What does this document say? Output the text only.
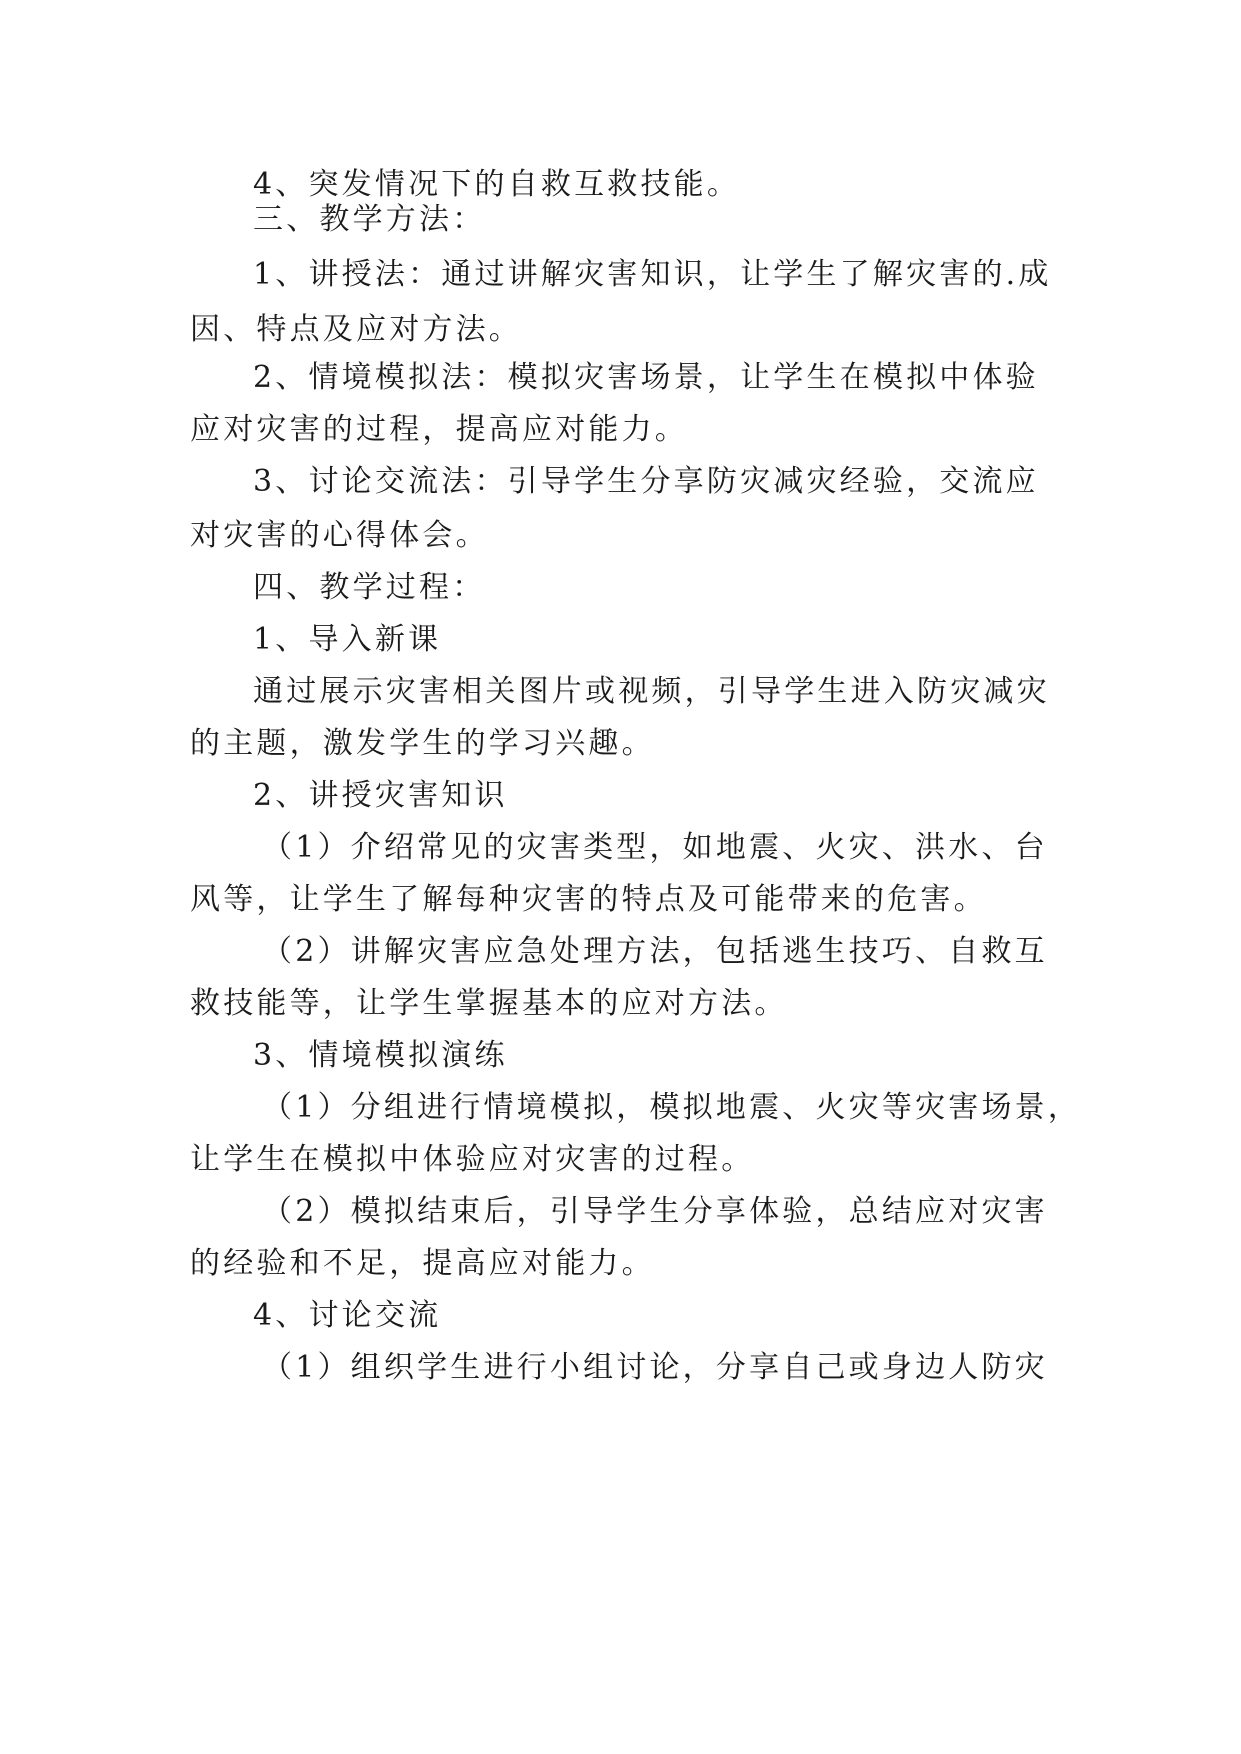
4、突发情况下的自救互救技能。

三、教学方法：

1、讲授法：通过讲解灾害知识，让学生了解灾害的.成

因、特点及应对方法。

2、情境模拟法：模拟灾害场景，让学生在模拟中体验

应对灾害的过程，提高应对能力。

3、讨论交流法：引导学生分享防灾减灾经验，交流应

对灾害的心得体会。

四、教学过程：

1、导入新课

通过展示灾害相关图片或视频，引导学生进入防灾减灾

的主题，激发学生的学习兴趣。

2、讲授灾害知识

（1）介绍常见的灾害类型，如地震、火灾、洪水、台

风等，让学生了解每种灾害的特点及可能带来的危害。

（2）讲解灾害应急处理方法，包括逃生技巧、自救互

救技能等，让学生掌握基本的应对方法。

3、情境模拟演练

（1）分组进行情境模拟，模拟地震、火灾等灾害场景，

让学生在模拟中体验应对灾害的过程。

（2）模拟结束后，引导学生分享体验，总结应对灾害

的经验和不足，提高应对能力。

4、讨论交流

（1）组织学生进行小组讨论，分享自己或身边人防灾
